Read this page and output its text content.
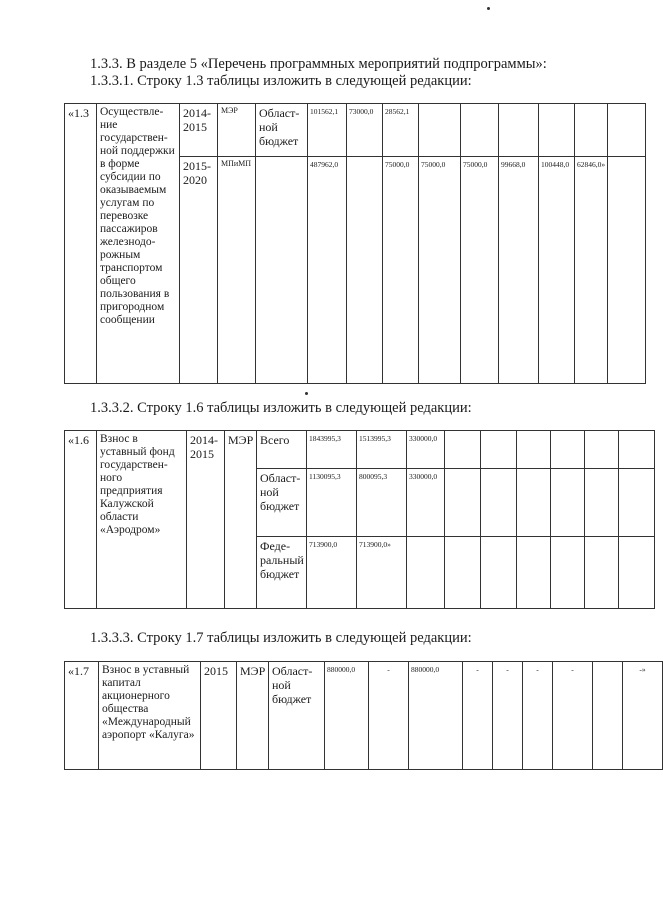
1.3.3. В разделе 5 «Перечень программных мероприятий подпрограммы»:
1.3.3.1. Строку 1.3 таблицы изложить в следующей редакции:
«1.3	Осуществле-ние государствен-ной поддержки в форме субсидии по оказываемым услугам по перевозке пассажиров железнодо-рожным транспортом общего пользования в пригородном сообщении	2014-2015	МЭР	Област-ной бюджет	101562,1	73000,0	28562,1						
		2015-2020	МПиМП		487962,0		75000,0	75000,0	75000,0	99668,0	100448,0	62846,0»	
1.3.3.2. Строку 1.6 таблицы изложить в следующей редакции:
«1.6	Взнос в уставный фонд государствен-ного предприятия Калужской области «Аэродром»	2014-2015	МЭР	Всего	1843995,3	1513995,3	330000,0						
				Област-ной бюджет	1130095,3	800095,3	330000,0						
				Феде-ральный бюджет	713900,0	713900,0»							
1.3.3.3. Строку 1.7 таблицы изложить в следующей редакции:
«1.7	Взнос в уставный капитал акционерного общества «Международный аэропорт «Калуга»	2015	МЭР	Област-ной бюджет	880000,0	-	880000,0	-	-	-	-		-»
